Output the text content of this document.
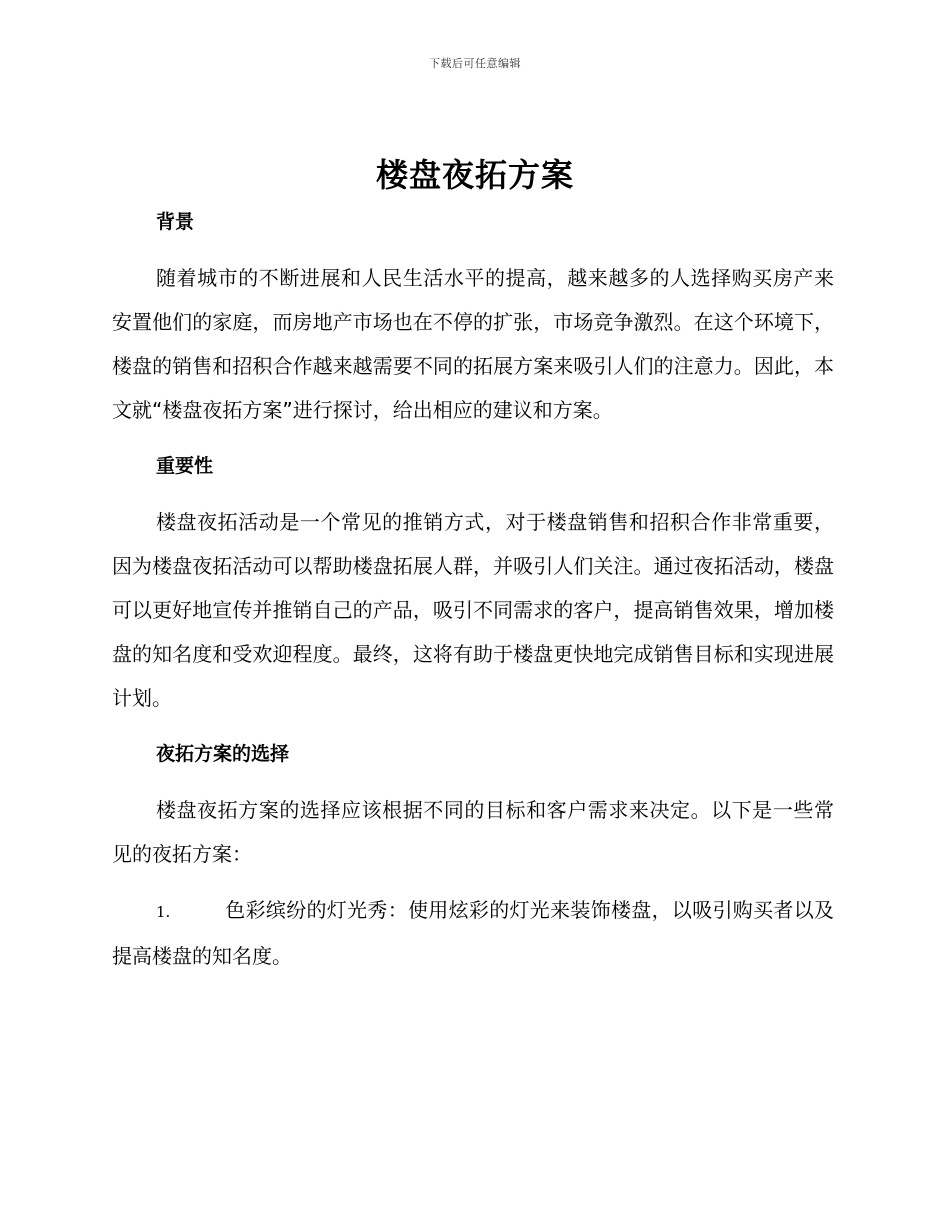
下载后可任意编辑
楼盘夜拓方案
背景

随着城市的不断进展和人民生活水平的提高，越来越多的人选择购买房产来安置他们的家庭，而房地产市场也在不停的扩张，市场竞争激烈。在这个环境下，楼盘的销售和招积合作越来越需要不同的拓展方案来吸引人们的注意力。因此，本文就“楼盘夜拓方案”进行探讨，给出相应的建议和方案。

重要性

楼盘夜拓活动是一个常见的推销方式，对于楼盘销售和招积合作非常重要，因为楼盘夜拓活动可以帮助楼盘拓展人群，并吸引人们关注。通过夜拓活动，楼盘可以更好地宣传并推销自己的产品，吸引不同需求的客户，提高销售效果，增加楼盘的知名度和受欢迎程度。最终，这将有助于楼盘更快地完成销售目标和实现进展计划。

夜拓方案的选择

楼盘夜拓方案的选择应该根据不同的目标和客户需求来决定。以下是一些常见的夜拓方案：

1.	色彩缤纷的灯光秀：使用炫彩的灯光来装饰楼盘，以吸引购买者以及提高楼盘的知名度。
